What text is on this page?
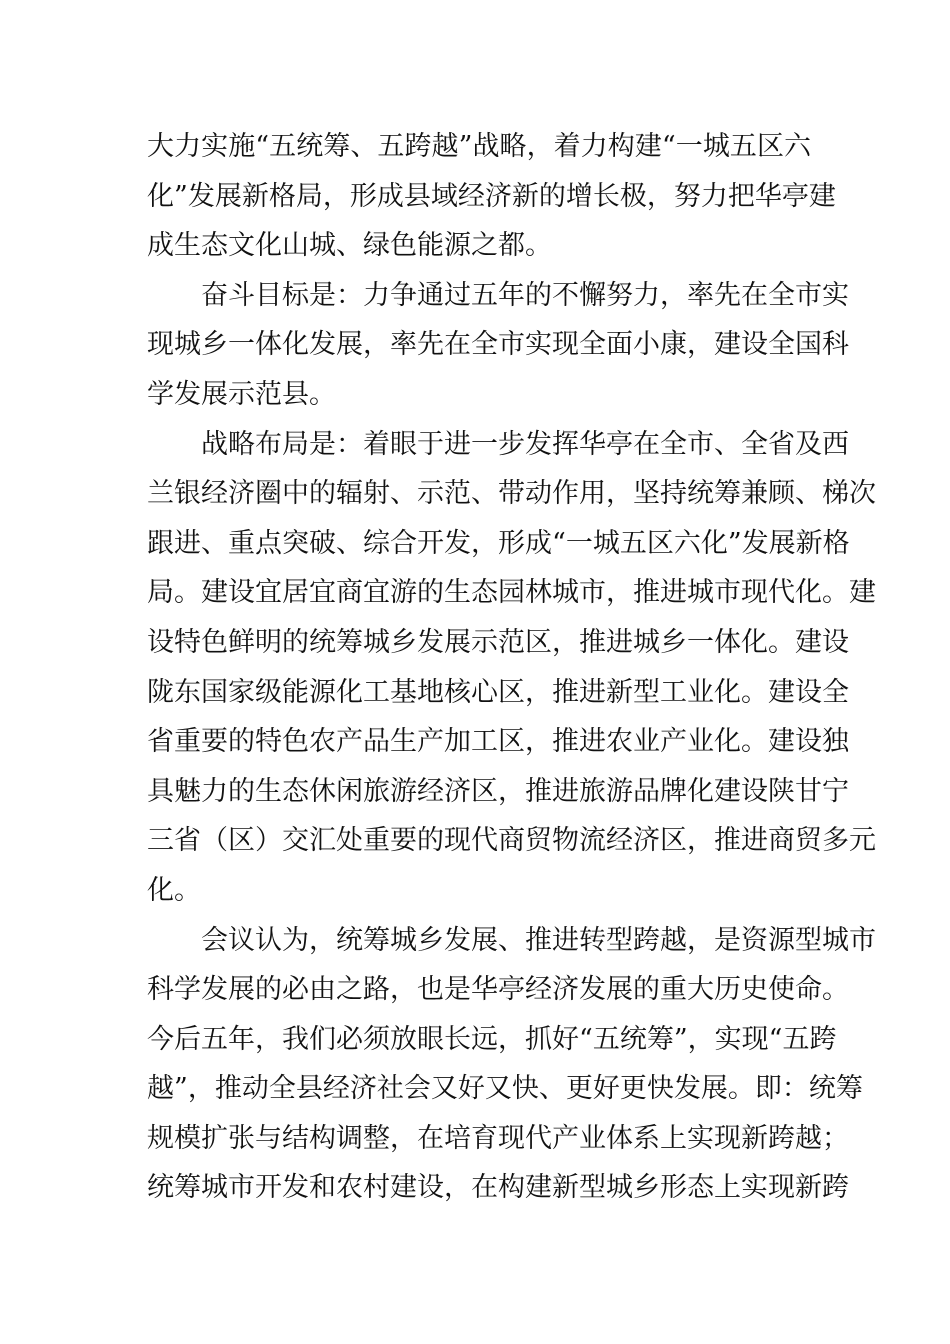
大 力 实 施 “ 五 统 筹 、 五 跨 越 ” 战 略 ， 着 力 构 建 “ 一 城 五 区 六
化 ” 发 展 新 格 局 ， 形 成 县 域 经 济 新 的 增 长 极 ， 努 力 把 华 亭 建
成生态文化山城、绿色能源之都。
奋 斗 目 标 是 ： 力 争 通 过 五 年 的 不 懈 努 力 ， 率 先 在 全 市 实
现 城 乡 一 体 化 发 展 ， 率 先 在 全 市 实 现 全 面 小 康 ， 建 设 全 国 科
学发展示范县。
战 略 布 局 是 ： 着 眼 于 进 一 步 发 挥 华 亭 在 全 市 、 全 省 及 西
兰 银 经 济 圈 中 的 辐 射 、 示 范 、 带 动 作 用 ， 坚 持 统 筹 兼 顾 、 梯 次
跟 进 、 重 点 突 破 、 综 合 开 发 ， 形 成 “ 一 城 五 区 六 化 ” 发 展 新 格
局 。 建 设 宜 居 宜 商 宜 游 的 生 态 园 林 城 市 ， 推 进 城 市 现 代 化 。 建
设 特 色 鲜 明 的 统 筹 城 乡 发 展 示 范 区 ， 推 进 城 乡 一 体 化 。 建 设
陇 东 国 家 级 能 源 化 工 基 地 核 心 区 ， 推 进 新 型 工 业 化 。 建 设 全
省 重 要 的 特 色 农 产 品 生 产 加 工 区 ， 推 进 农 业 产 业 化 。 建 设 独
具 魅 力 的 生 态 休 闲 旅 游 经 济 区 ， 推 进 旅 游 品 牌 化 建 设 陕 甘 宁
三 省 （ 区 ） 交 汇 处 重 要 的 现 代 商 贸 物 流 经 济 区 ， 推 进 商 贸 多 元
化。
会 议 认 为 ， 统 筹 城 乡 发 展 、 推 进 转 型 跨 越 ， 是 资 源 型 城 市
科 学 发 展 的 必 由 之 路 ， 也 是 华 亭 经 济 发 展 的 重 大 历 史 使 命 。
今 后 五 年 ， 我 们 必 须 放 眼 长 远 ， 抓 好 “ 五 统 筹 ” ， 实 现 “ 五 跨
越 ” ， 推 动 全 县 经 济 社 会 又 好 又 快 、 更 好 更 快 发 展 。 即 ： 统 筹
规 模 扩 张 与 结 构 调 整 ， 在 培 育 现 代 产 业 体 系 上 实 现 新 跨 越 ；
统 筹 城 市 开 发 和 农 村 建 设 ， 在 构 建 新 型 城 乡 形 态 上 实 现 新 跨
